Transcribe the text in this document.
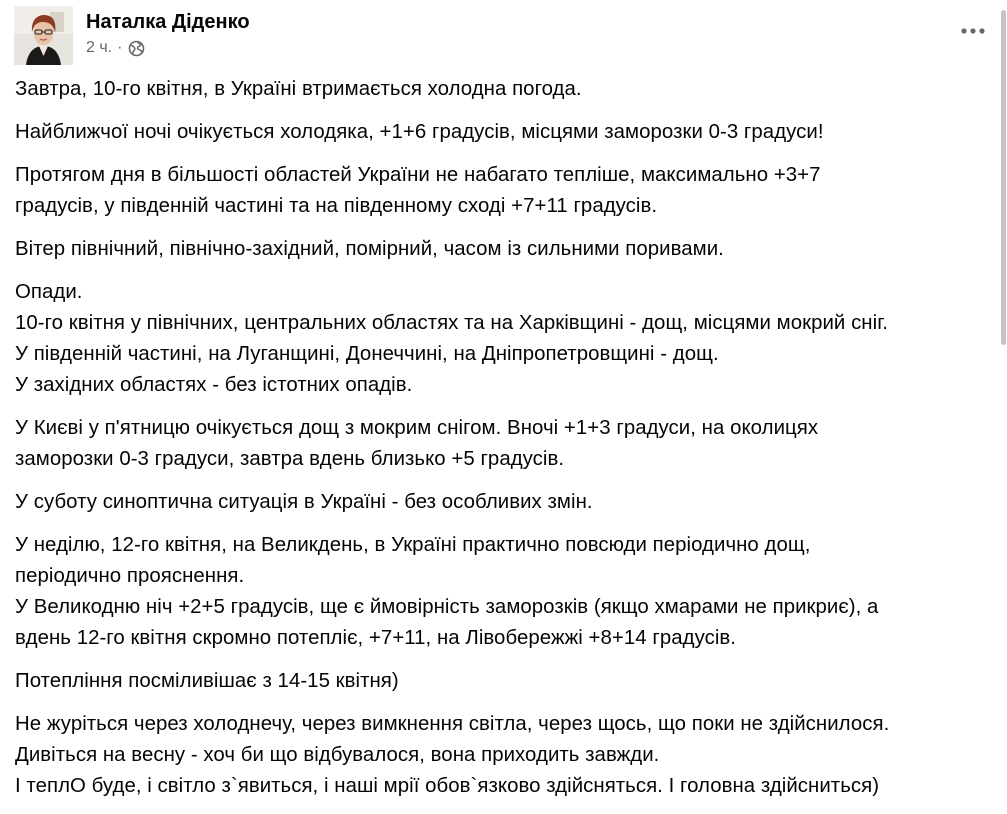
Наталка Діденко
2 ч. ·

Завтра, 10-го квітня, в Україні втримається холодна погода.

Найближчої ночі очікується холодяка, +1+6 градусів, місцями заморозки 0-3 градуси!

Протягом дня в більшості областей України не набагато тепліше, максимально +3+7
градусів, у південній частині та на південному сході +7+11 градусів.

Вітер північний, північно-західний, помірний, часом із сильними поривами.

Опади.
10-го квітня у північних, центральних областях та на Харківщині - дощ, місцями мокрий сніг.
У південній частині, на Луганщині, Донеччині, на Дніпропетровщині - дощ.
У західних областях - без істотних опадів.

У Києві у п'ятницю очікується дощ з мокрим снігом. Вночі +1+3 градуси, на околицях
заморозки 0-3 градуси, завтра вдень близько +5 градусів.

У суботу синоптична ситуація в Україні - без особливих змін.

У неділю, 12-го квітня, на Великдень, в Україні практично повсюди періодично дощ,
періодично прояснення.
У Великодню ніч +2+5 градусів, ще є ймовірність заморозків (якщо хмарами не прикриє), а
вдень 12-го квітня скромно потепліє, +7+11, на Лівобережжі +8+14 градусів.

Потепління посміливішає з 14-15 квітня)

Не журіться через холоднечу, через вимкнення світла, через щось, що поки не здійснилося.
Дивіться на весну - хоч би що відбувалося, вона приходить завжди.
І теплО буде, і світло з`явиться, і наші мрії обов`язково здійсняться. І головна здійсниться)
